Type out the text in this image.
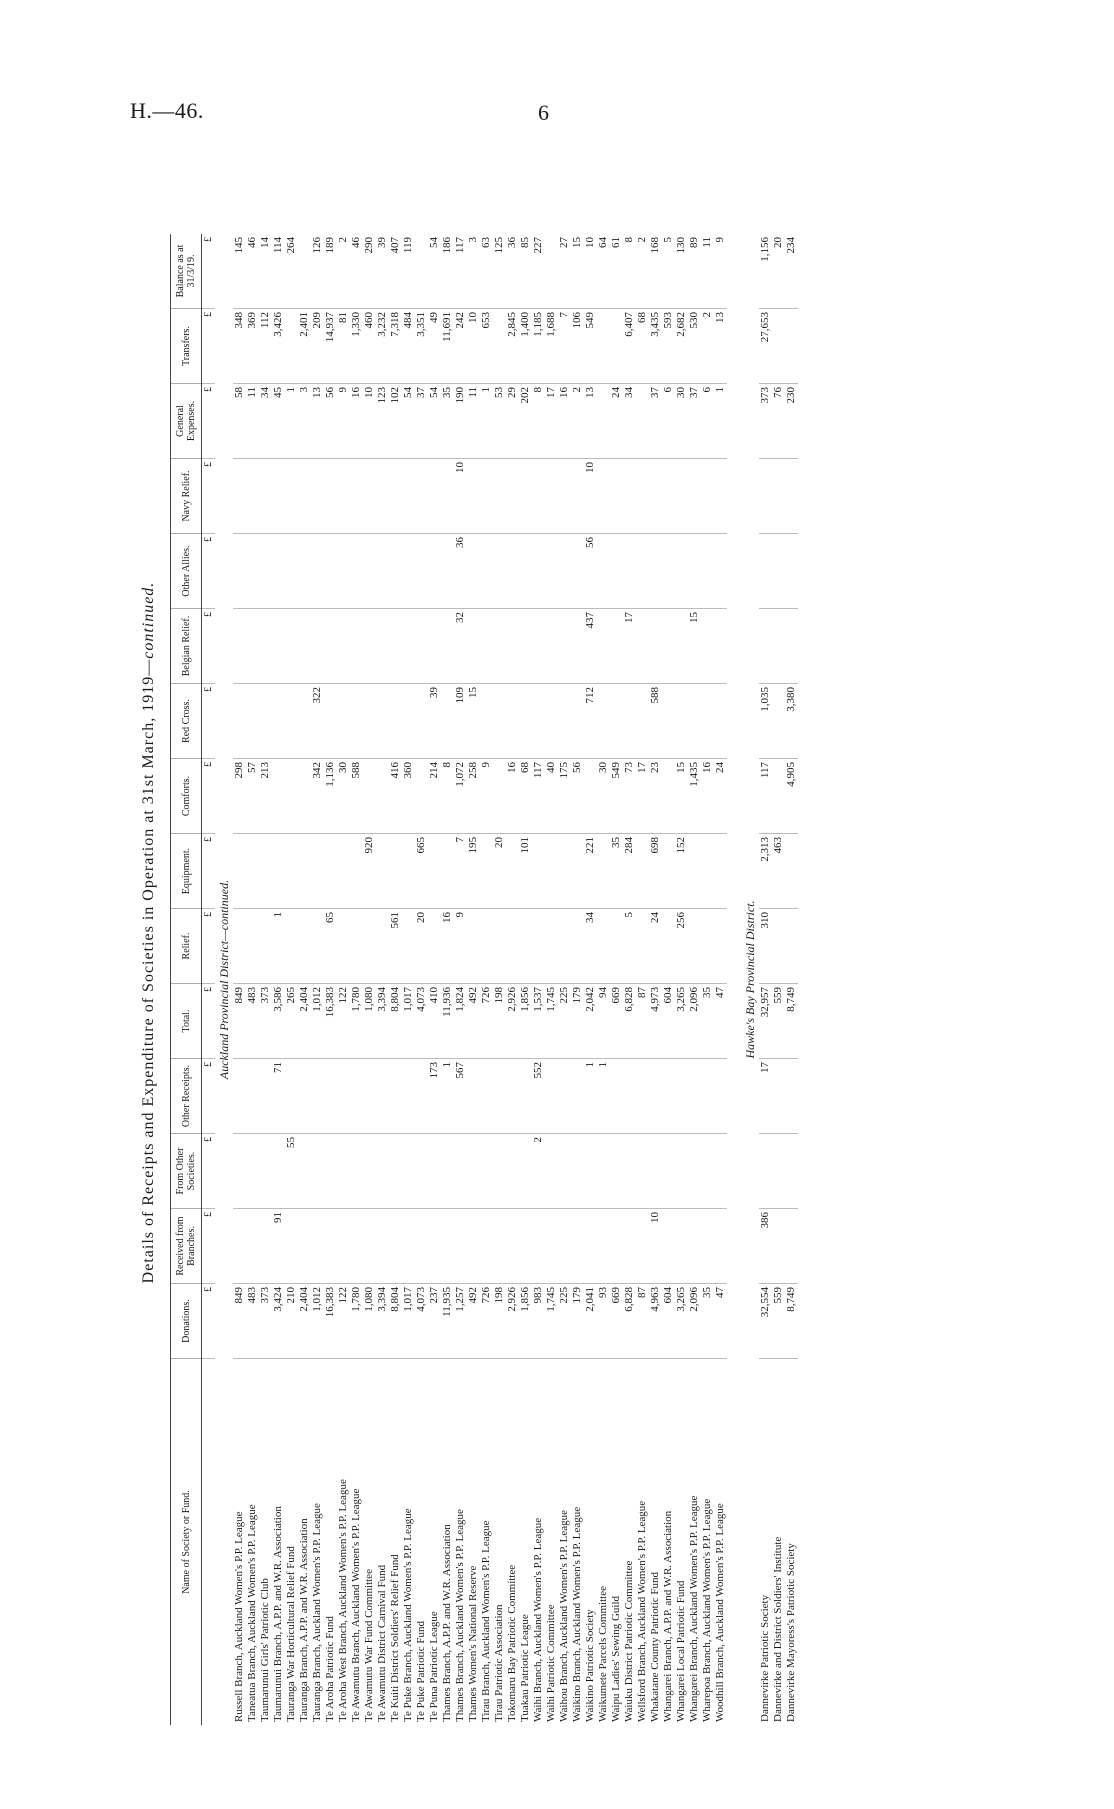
H.—46.	6
Details of Receipts and Expenditure of Societies in Operation at 31st March, 1919—continued.
Name of Society or Fund.	Donations.	Received from Branches.	From Other Societies.	Other Receipts.	Total.	Relief.	Equipment.	Comforts.	Red Cross.	Belgian Relief.	Other Allies.	Navy Relief.	General Expenses.	Transfers.	Balance as at 31/3/19.
	£	£	£	£	£	£	£	£	£	£	£	£	£	£	£
Auckland Provincial District—continued.															
Russell Branch, Auckland Women's P.P. League	849				849			298					58	348	145
Taneatua Branch, Auckland Women's P.P. League	483				483			57					11	369	46
Taumarunui Girls' Patriotic Club	373				373			213					34	112	14
Taumarunui Branch, A.P.P. and W.R. Association	3,424	91		71	3,586	1							45	3,426	114
Tauranga War Horticultural Relief Fund	210		55		265								1		264
Tauranga Branch, A.P.P. and W.R. Association	2,404				2,404								3	2,401	
Tauranga Branch, Auckland Women's P.P. League	1,012				1,012			342	322				13	209	126
Te Aroha Patriotic Fund	16,383				16,383	65		1,136					56	14,937	189
Te Aroha West Branch, Auckland Women's P.P. League	122				122			30					9	81	2
Te Awamutu Branch, Auckland Women's P.P. League	1,780				1,780			588					16	1,330	46
Te Awamutu War Fund Committee	1,080				1,080		920						10	460	290
Te Awamutu District Carnival Fund	3,394				3,394								123	3,232	39
Te Kuiti District Soldiers' Relief Fund	8,804				8,804	561		416					102	7,318	407
Te Puke Branch, Auckland Women's P.P. League	1,017				1,017			360					54	484	119
Te Puke Patriotic Fund	4,073				4,073	20	665						37	3,351	
Te Puna Patriotic League	237			173	410			214	39				54	49	54
Thames Branch, A.P.P. and W.R. Association	11,935			1	11,936	16		8					35	11,691	186
Thames Branch, Auckland Women's P.P. League	1,257			567	1,824	9	7	1,072	109	32	36	10	190	242	117
Thames Women's National Reserve	492				492		195	258	15				11	10	3
Tirau Branch, Auckland Women's P.P. League	726				726			9					1	653	63
Tirau Patriotic Association	198				198		20						53		125
Tokomaru Bay Patriotic Committee	2,926				2,926			16					29	2,845	36
Tuakau Patriotic League	1,856				1,856		101	68					202	1,400	85
Waihi Branch, Auckland Women's P.P. League	983		2	552	1,537			117					8	1,185	227
Waihi Patriotic Committee	1,745				1,745			40					17	1,688	
Waihou Branch, Auckland Women's P.P. League	225				225			175					16	7	27
Waikino Branch, Auckland Women's P.P. League	179				179			56					2	106	15
Waikino Patriotic Society	2,041			1	2,042	34	221		712	437	56	10	13	549	10
Waikumete Parcels Committee	93			1	94			30							64
Waipu Ladies' Sewing Guild	669				669		35	549					24		61
Waiuku District Patriotic Committee	6,828				6,828	5	284	73		17			34	6,407	8
Wellsford Branch, Auckland Women's P.P. League	87				87			17						68	2
Whakatane County Patriotic Fund	4,963	10			4,973	24	698	23	588				37	3,435	168
Whangarei Branch, A.P.P. and W.R. Association	604				604								6	593	5
Whangarei Local Patriotic Fund	3,265				3,265	256	152	15					30	2,682	130
Whangarei Branch, Auckland Women's P.P. League	2,096				2,096			1,435		15			37	530	89
Wharepoa Branch, Auckland Women's P.P. League	35				35			16					6	2	11
Woodhill Branch, Auckland Women's P.P. League	47				47			24					1	13	9

Hawke's Bay Provincial District.															
Dannevirke Patriotic Society	32,554	386		17	32,957	310	2,313	117	1,035				373	27,653	1,156
Dannevirke and District Soldiers' Institute	559				559		463						76		20
Dannevirke Mayoress's Patriotic Society	8,749				8,749			4,905	3,380				230		234
